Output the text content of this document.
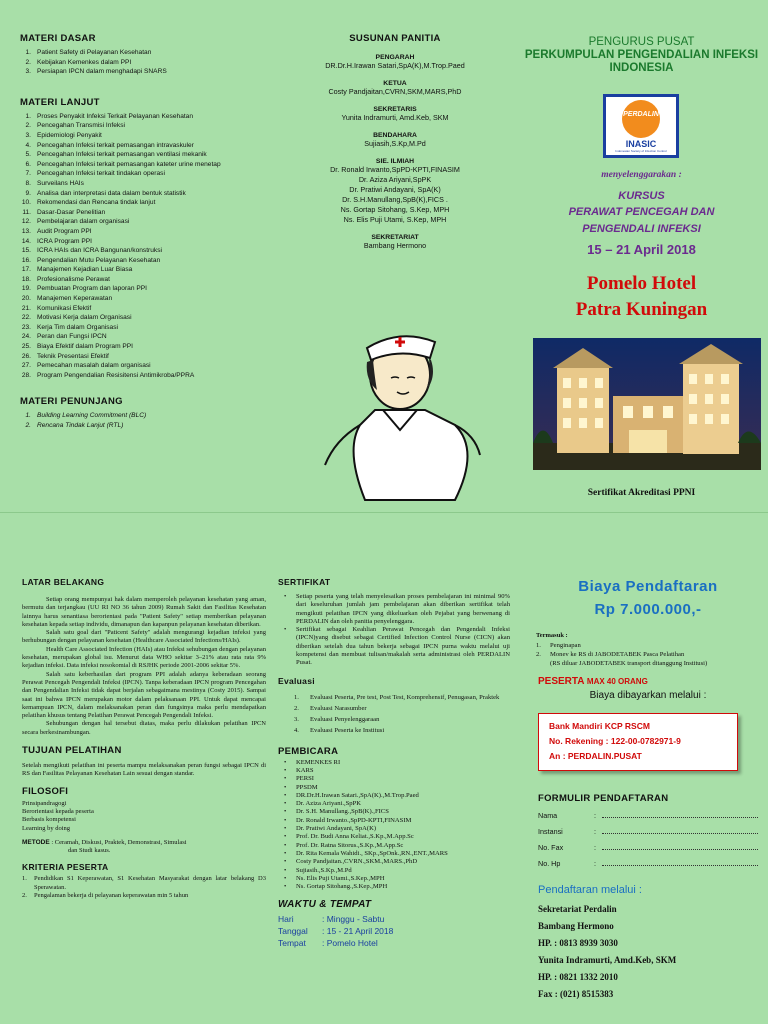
MATERI DASAR
1. Patient Safety di Pelayanan Kesehatan
2. Kebijakan Kemenkes dalam PPI
3. Persiapan IPCN dalam menghadapi SNARS
MATERI LANJUT
1. Proses Penyakit Infeksi Terkait Pelayanan Kesehatan
2. Pencegahan Transmisi Infeksi
3. Epidemiologi Penyakit
4. Pencegahan Infeksi terkait pemasangan intravaskuler
5. Pencegahan Infeksi terkait pemasangan ventilasi mekanik
6. Pencegahan Infeksi terkait pemasangan kateter urine menetap
7. Pencegahan Infeksi terkait tindakan operasi
8. Surveilans HAIs
9. Analisa dan interpretasi data dalam bentuk statistik
10. Rekomendasi dan Rencana tindak lanjut
11. Dasar-Dasar Penelitian
12. Pembelajaran dalam organisasi
13. Audit Program PPI
14. ICRA Program PPI
15. ICRA HAIs dan ICRA Bangunan/konstruksi
16. Pengendalian Mutu Pelayanan Kesehatan
17. Manajemen Kejadian Luar Biasa
18. Profesionalisme Perawat
19. Pembuatan Program dan laporan PPI
20. Manajemen Keperawatan
21. Komunikasi Efektif
22. Motivasi Kerja dalam Organisasi
23. Kerja Tim dalam Organisasi
24. Peran dan Fungsi IPCN
25. Biaya Efektif dalam Program PPI
26. Teknik Presentasi Efektif
27. Pemecahan masalah dalam organisasi
28. Program Pengendalian Resisitensi Antimikroba/PPRA
MATERI PENUNJANG
1. Building Learning Commitment (BLC)
2. Rencana Tindak Lanjut (RTL)
SUSUNAN PANITIA
PENGARAH
DR.Dr.H.Irawan Satari,SpA(K),M.Trop.Paed
KETUA
Costy Pandjaitan,CVRN,SKM,MARS,PhD
SEKRETARIS
Yunita Indramurti, Amd.Keb, SKM
BENDAHARA
Sujiasih,S.Kp,M.Pd
SIE. ILMIAH
Dr. Ronald Irwanto,SpPD-KPTI,FINASIM
Dr. Aziza Ariyani,SpPK
Dr. Pratiwi Andayani, SpA(K)
Dr. S.H.Manullang,SpB(K),FICS .
Ns. Gortap Sitohang, S.Kep, MPH
Ns. Elis Puji Utami, S.Kep, MPH
SEKRETARIAT
Bambang Hermono
PENGURUS PUSAT
PERKUMPULAN PENGENDALIAN INFEKSI
INDONESIA
PERDALIN
INASIC
Indonesian Society of Infection Control
menyelenggarakan :
KURSUS
PERAWAT PENCEGAH DAN
PENGENDALI INFEKSI
15 – 21 April 2018
Pomelo Hotel
Patra Kuningan
Sertifikat Akreditasi PPNI
LATAR BELAKANG
Setiap orang mempunyai hak dalam memperoleh pelayanan kesehatan yang aman, bermutu dan terjangkau (UU RI NO 36 tahun 2009) Rumah Sakit dan Fasilitas Kesehatan lainnya harus senantiasa berorientasi pada "Patient Safety" setiap memberikan pelayanan kesehatan kepada setiap individu, dimanapun dan kapanpun pelayanan kesehatan diberikan.
Salah satu goal dari "Paticent Safety" adalah mengurangi kejadian infeksi yang berhubungan dengan pelayanan kesehatan (Healthcare Associated Infections/HAIs).
Health Care Associated Infection (HAIs) atau Infeksi sehubungan dengan pelayanan kesehatan, merupakan global isu. Menurut data WHO sekitar 3–21% atau rata rata 9% kejadian infeksi. Data infeksi nosokomial di RSJHK periode 2001-2006 sekitar 5%.
Salah satu keberhasilan dari program PPI adalah adanya keberadaan seorang Perawat Pencegah Pengendali Infeksi (IPCN). Tanpa keberadaan IPCN program Pencegahan dan Pengendalian Infeksi tidak dapat berjalan sebagaimana mestinya (Costy 2015). Sampai saat ini bahwa IPCN merupakan motor dalam pelaksanaan PPI. Untuk dapat mencapai kemampuan IPCN, dalam melaksanakan peran dan fungsinya maka perlu mendapatkan pelatihan khusus tentang Pelatihan Perawat Pencegah Pengendali Infeksi.
Sehubungan dengan hal tersebut diatas, maka perlu dilakukan pelatihan IPCN secara berkesinambungan.
TUJUAN PELATIHAN
Setelah mengikuti pelatihan ini peserta mampu melaksanakan peran fungsi sebagai IPCN di RS dan Fasilitas Pelayanan Kesehatan Lain sesuai dengan standar.
FILOSOFI
Prinsipandragogi
Berorientasi kepada peserta
Berbasis kompetensi
Learning by doing
METODE : Ceramah, Diskusi, Praktek, Demonstrasi, Simulasi
dan Studi kasus.
KRITERIA PESERTA
1.	Pendidikan S1 Keperawatan, S1 Kesehatan Masyarakat dengan latar belakang D3 Sperawatan.
2.	Pengalaman bekerja di pelayanan keperawatan min 5 tahun
SERTIFIKAT
•	Setiap peserta yang telah menyelesaikan proses pembelajaran ini minimal 90% dari keseluruhan jumlah jam pembelajaran akan diberikan sertifikat telah mengikuti pelatihan IPCN yang dikeluarkan oleh Pejabat yang berwenang di PERDALIN dan oleh panitia penyelenggara.
•	Sertifikat sebagai Keahlian Perawat Pencegah dan Pengendali Infeksi (IPCN)yang disebut sebagai Certified Infection Control Nurse (CICN) akan diberikan setelah dua tahun bekerja sebagai IPCN purna waktu melalui uji kompetensi dan membuat tulisan/makalah serta administrasi oleh PERDALIN Pusat.
Evaluasi
1.	Evaluasi Peserta, Pre test, Post Test, Komprehensif, Penugasan, Praktek
2.	Evaluasi Narasumber
3.	Evaluasi Penyelenggaraan
4.	Evaluasi Peserta ke Institusi
PEMBICARA
•	KEMENKES RI
•	KARS
•	PERSI
•	PPSDM
•	DR.Dr.H.Irawan Satari.,SpA(K).,M.Trop.Paed
•	Dr. Aziza Ariyani.,SpPK
•	Dr. S.H. Manullang.,SpB(K).,FICS
•	Dr. Ronald Irwanto.,SpPD-KPTI,FINASIM
•	Dr. Pratiwi Andayani, SpA(K)
•	Prof. Dr. Budi Anna Keliat.,S.Kp.,M.App.Sc
•	Prof. Dr. Ratna Sitorus.,S.Kp.,M.App.Sc
•	Dr. Rita Kemala Wahidi., SKp.,SpOnk.,RN.,ENT.,MARS
•	Costy Pandjaitan.,CVRN.,SKM.,MARS.,PhD
•	Sujiasih.,S.Kp.,M.Pd
•	Ns. Elis Puji Utami.,S.Kep.,MPH
•	Ns. Gortap Sitohang.,S.Kep.,MPH
WAKTU & TEMPAT
Hari	: Minggu - Sabtu
Tanggal	: 15 - 21 April 2018
Tempat	: Pomelo Hotel
Biaya Pendaftaran
Rp 7.000.000,-
Termasuk :
1.	Penginapan
2.	Monev ke RS di JABODETABEK Pasca Pelatihan
(RS diluar JABODETABEK transport ditanggung Institusi)
PESERTA MAX 40 ORANG
Biaya dibayarkan melalui :
Bank Mandiri KCP RSCM
No. Rekening : 122-00-0782971-9
An : PERDALIN.PUSAT
FORMULIR PENDAFTARAN
Nama	:
Instansi	:
No. Fax	:
No. Hp	:
Pendaftaran melalui :
Sekretariat Perdalin
Bambang Hermono
HP. : 0813 8939 3030
Yunita Indramurti, Amd.Keb, SKM
HP. : 0821 1332 2010
Fax : (021) 8515383
